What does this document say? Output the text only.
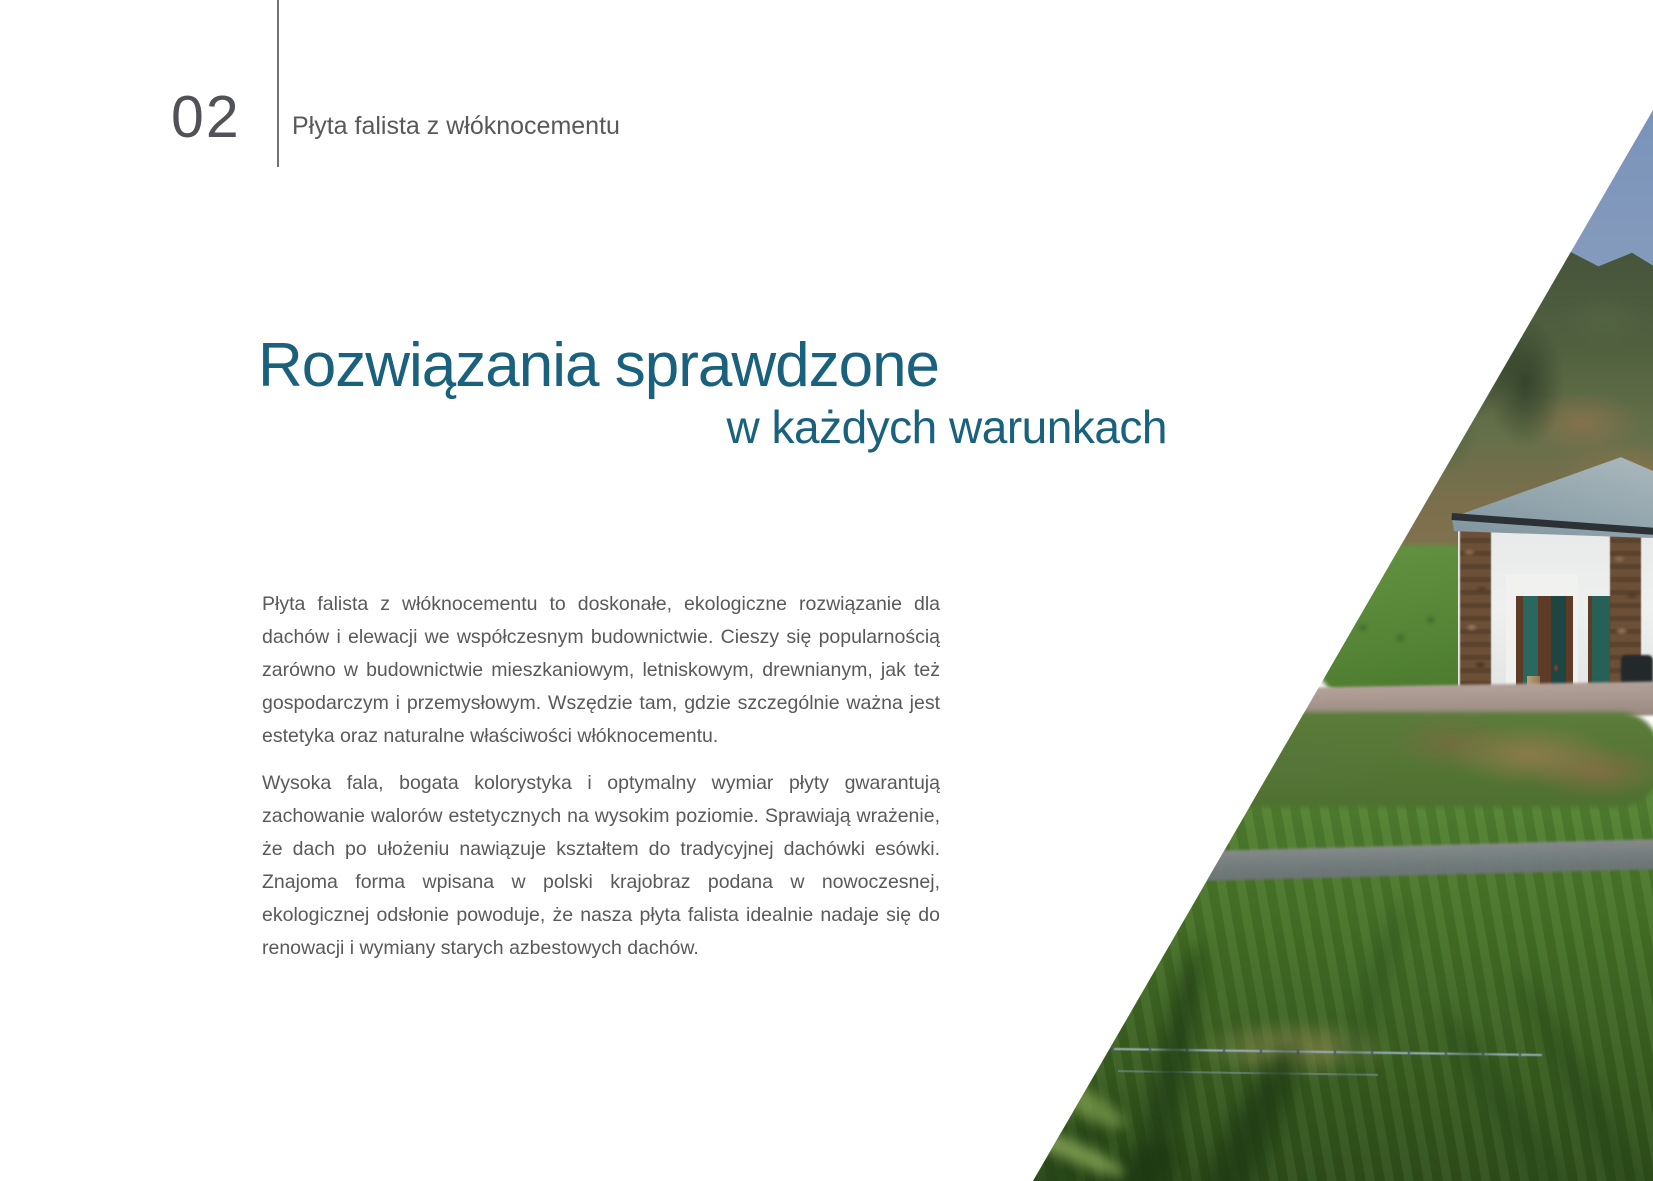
02 Płyta falista z włóknocementu
Rozwiązania sprawdzone
w każdych warunkach

Płyta falista z włóknocementu to doskonałe, ekologiczne rozwiązanie dla dachów i elewacji we współczesnym budownictwie. Cieszy się popularnością zarówno w budownictwie mieszkaniowym, letniskowym, drewnianym, jak też gospodarczym i przemysłowym. Wszędzie tam, gdzie szczególnie ważna jest estetyka oraz naturalne właściwości włóknocementu.

Wysoka fala, bogata kolorystyka i optymalny wymiar płyty gwarantują zachowanie walorów estetycznych na wysokim poziomie. Sprawiają wrażenie, że dach po ułożeniu nawiązuje kształtem do tradycyjnej dachówki esówki. Znajoma forma wpisana w polski krajobraz podana w nowoczesnej, ekologicznej odsłonie powoduje, że nasza płyta falista idealnie nadaje się do renowacji i wymiany starych azbestowych dachów.
